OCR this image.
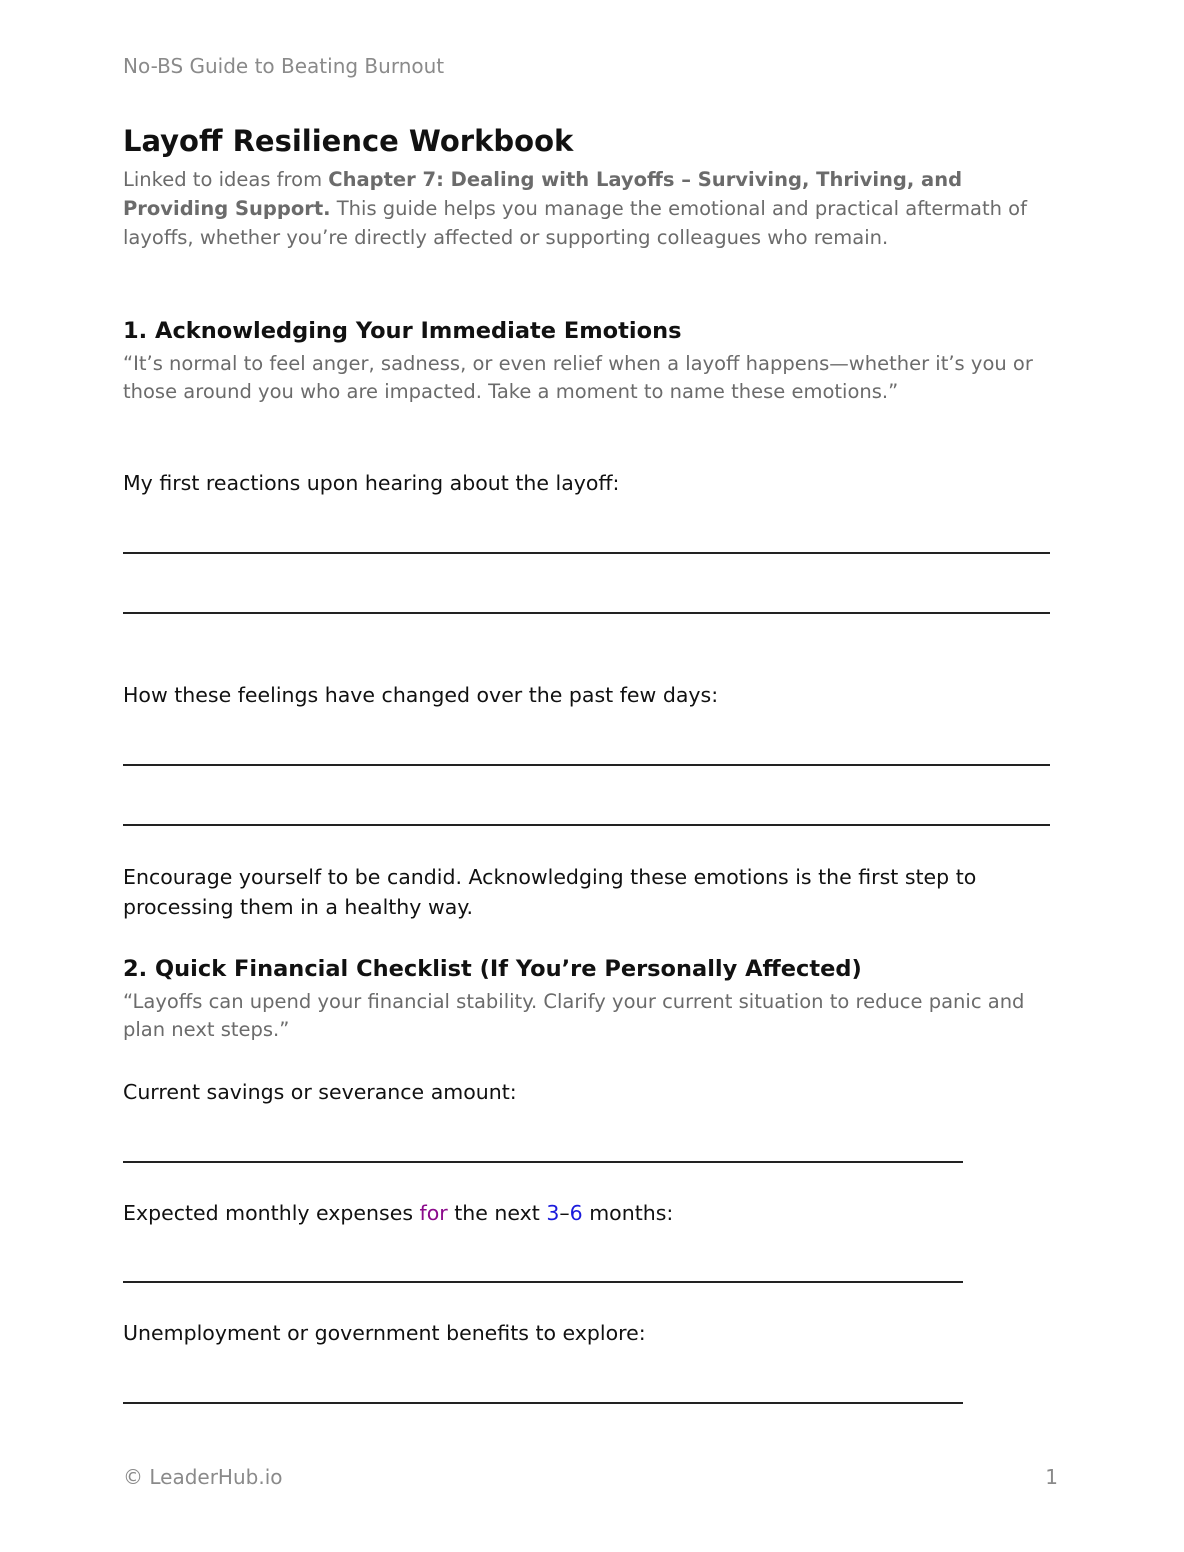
No-BS Guide to Beating Burnout
Layoff Resilience Workbook

Linked to ideas from Chapter 7: Dealing with Layoffs – Surviving, Thriving, and Providing Support. This guide helps you manage the emotional and practical aftermath of layoffs, whether you’re directly affected or supporting colleagues who remain.

1. Acknowledging Your Immediate Emotions

“It’s normal to feel anger, sadness, or even relief when a layoff happens—whether it’s you or those around you who are impacted. Take a moment to name these emotions.”

My first reactions upon hearing about the layoff:

How these feelings have changed over the past few days:

Encourage yourself to be candid. Acknowledging these emotions is the first step to processing them in a healthy way.

2. Quick Financial Checklist (If You’re Personally Affected)

“Layoffs can upend your financial stability. Clarify your current situation to reduce panic and plan next steps.”

Current savings or severance amount:

Expected monthly expenses for the next 3–6 months:

Unemployment or government benefits to explore:

© LeaderHub.io	1
